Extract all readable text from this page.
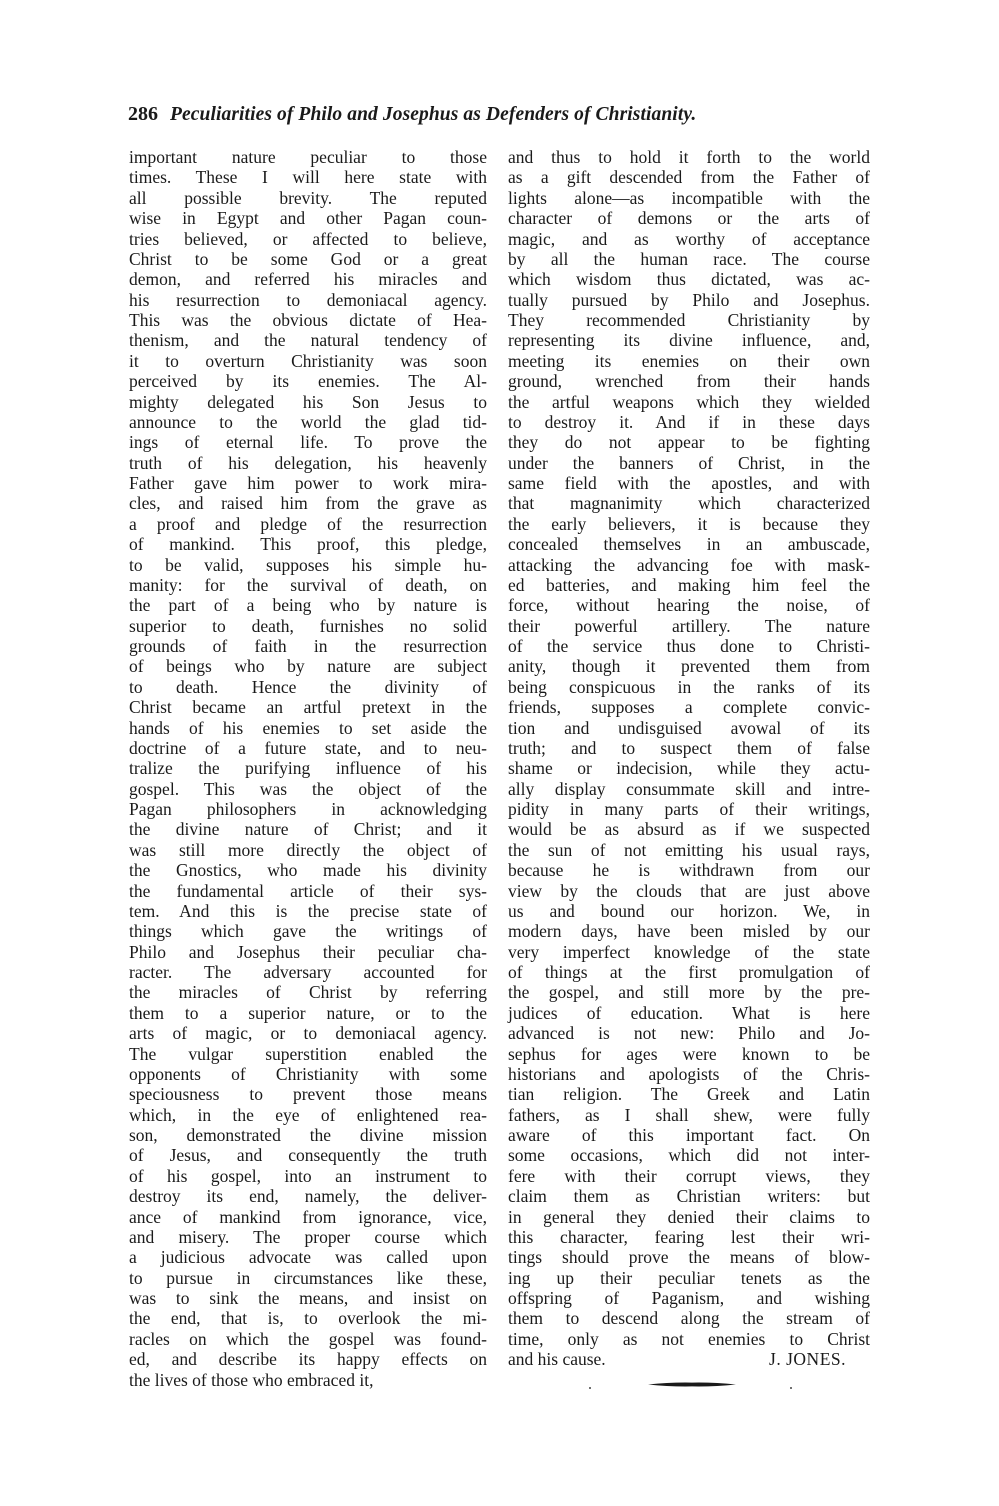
286 Peculiarities of Philo and Josephus as Defenders of Christianity.
important nature peculiar to those
times. These I will here state with
all possible brevity. The reputed
wise in Egypt and other Pagan coun-
tries believed, or affected to believe,
Christ to be some God or a great
demon, and referred his miracles and
his resurrection to demoniacal agency.
This was the obvious dictate of Hea-
thenism, and the natural tendency of
it to overturn Christianity was soon
perceived by its enemies. The Al-
mighty delegated his Son Jesus to
announce to the world the glad tid-
ings of eternal life. To prove the
truth of his delegation, his heavenly
Father gave him power to work mira-
cles, and raised him from the grave as
a proof and pledge of the resurrection
of mankind. This proof, this pledge,
to be valid, supposes his simple hu-
manity: for the survival of death, on
the part of a being who by nature is
superior to death, furnishes no solid
grounds of faith in the resurrection
of beings who by nature are subject
to death. Hence the divinity of
Christ became an artful pretext in the
hands of his enemies to set aside the
doctrine of a future state, and to neu-
tralize the purifying influence of his
gospel. This was the object of the
Pagan philosophers in acknowledging
the divine nature of Christ; and it
was still more directly the object of
the Gnostics, who made his divinity
the fundamental article of their sys-
tem. And this is the precise state of
things which gave the writings of
Philo and Josephus their peculiar cha-
racter. The adversary accounted for
the miracles of Christ by referring
them to a superior nature, or to the
arts of magic, or to demoniacal agency.
The vulgar superstition enabled the
opponents of Christianity with some
speciousness to prevent those means
which, in the eye of enlightened rea-
son, demonstrated the divine mission
of Jesus, and consequently the truth
of his gospel, into an instrument to
destroy its end, namely, the deliver-
ance of mankind from ignorance, vice,
and misery. The proper course which
a judicious advocate was called upon
to pursue in circumstances like these,
was to sink the means, and insist on
the end, that is, to overlook the mi-
racles on which the gospel was found-
ed, and describe its happy effects on
the lives of those who embraced it,
and thus to hold it forth to the world
as a gift descended from the Father of
lights alone—as incompatible with the
character of demons or the arts of
magic, and as worthy of acceptance
by all the human race. The course
which wisdom thus dictated, was ac-
tually pursued by Philo and Josephus.
They recommended Christianity by
representing its divine influence, and,
meeting its enemies on their own
ground, wrenched from their hands
the artful weapons which they wielded
to destroy it. And if in these days
they do not appear to be fighting
under the banners of Christ, in the
same field with the apostles, and with
that magnanimity which characterized
the early believers, it is because they
concealed themselves in an ambuscade,
attacking the advancing foe with mask-
ed batteries, and making him feel the
force, without hearing the noise, of
their powerful artillery. The nature
of the service thus done to Christi-
anity, though it prevented them from
being conspicuous in the ranks of its
friends, supposes a complete convic-
tion and undisguised avowal of its
truth; and to suspect them of false
shame or indecision, while they actu-
ally display consummate skill and intre-
pidity in many parts of their writings,
would be as absurd as if we suspected
the sun of not emitting his usual rays,
because he is withdrawn from our
view by the clouds that are just above
us and bound our horizon. We, in
modern days, have been misled by our
very imperfect knowledge of the state
of things at the first promulgation of
the gospel, and still more by the pre-
judices of education. What is here
advanced is not new: Philo and Jo-
sephus for ages were known to be
historians and apologists of the Chris-
tian religion. The Greek and Latin
fathers, as I shall shew, were fully
aware of this important fact. On
some occasions, which did not inter-
fere with their corrupt views, they
claim them as Christian writers: but
in general they denied their claims to
this character, fearing lest their wri-
tings should prove the means of blow-
ing up their peculiar tenets as the
offspring of Paganism, and wishing
them to descend along the stream of
time, only as not enemies to Christ
and his cause.	J. JONES.
